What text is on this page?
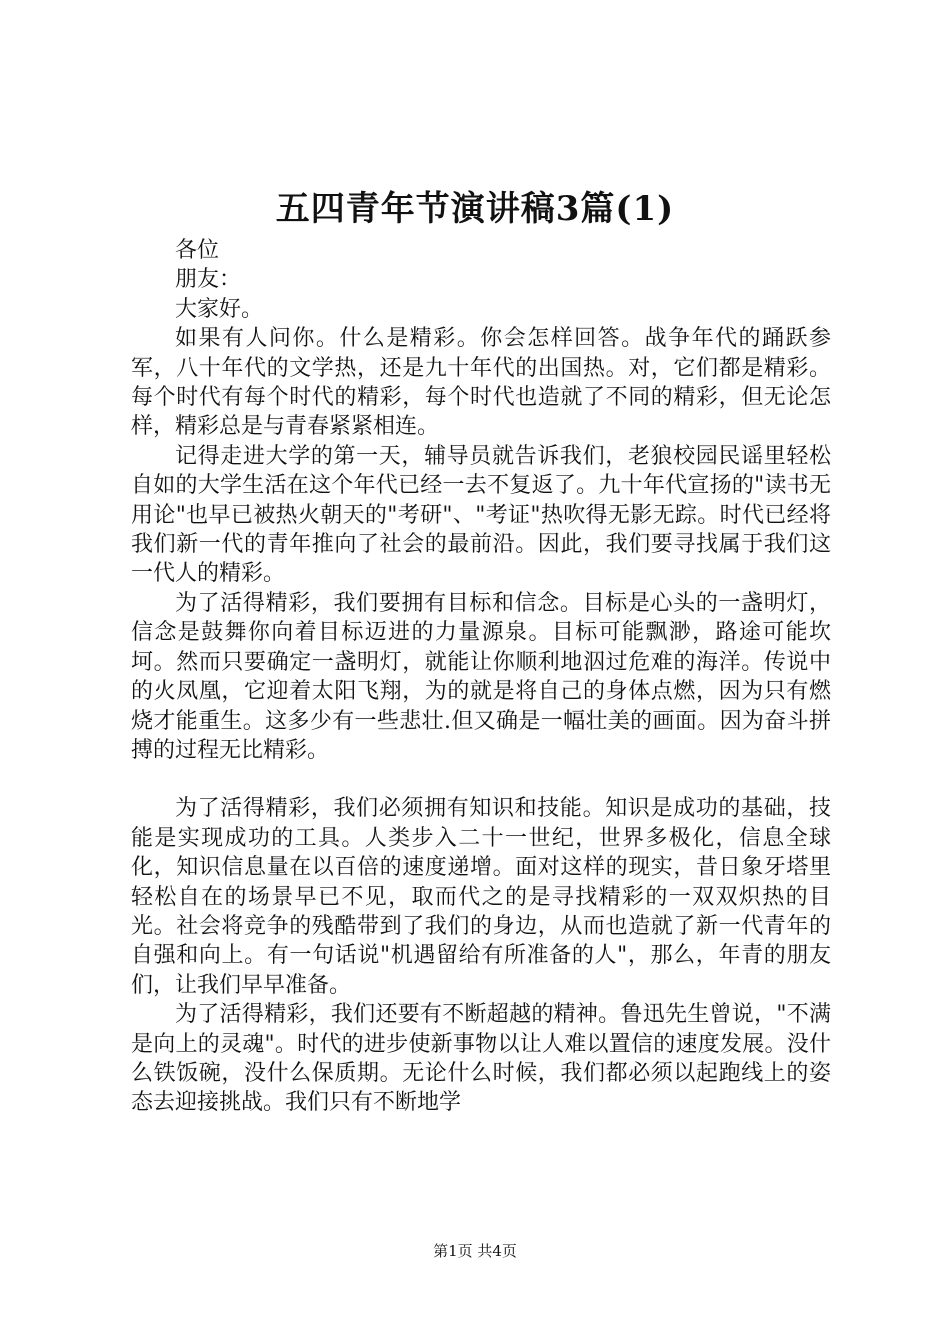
五四青年节演讲稿3篇(1)

各位

朋友：

大家好。

如果有人问你。什么是精彩。你会怎样回答。战争年代的踊跃参军，八十年代的文学热，还是九十年代的出国热。对，它们都是精彩。每个时代有每个时代的精彩，每个时代也造就了不同的精彩，但无论怎样，精彩总是与青春紧紧相连。

记得走进大学的第一天，辅导员就告诉我们，老狼校园民谣里轻松自如的大学生活在这个年代已经一去不复返了。九十年代宣扬的"读书无用论"也早已被热火朝天的"考研"、"考证"热吹得无影无踪。时代已经将我们新一代的青年推向了社会的最前沿。因此，我们要寻找属于我们这一代人的精彩。

为了活得精彩，我们要拥有目标和信念。目标是心头的一盏明灯，信念是鼓舞你向着目标迈进的力量源泉。目标可能飘渺，路途可能坎坷。然而只要确定一盏明灯，就能让你顺利地泅过危难的海洋。传说中的火凤凰，它迎着太阳飞翔，为的就是将自己的身体点燃，因为只有燃烧才能重生。这多少有一些悲壮.但又确是一幅壮美的画面。因为奋斗拼搏的过程无比精彩。

为了活得精彩，我们必须拥有知识和技能。知识是成功的基础，技能是实现成功的工具。人类步入二十一世纪，世界多极化，信息全球化，知识信息量在以百倍的速度递增。面对这样的现实，昔日象牙塔里轻松自在的场景早已不见，取而代之的是寻找精彩的一双双炽热的目光。社会将竞争的残酷带到了我们的身边，从而也造就了新一代青年的自强和向上。有一句话说"机遇留给有所准备的人"，那么，年青的朋友们，让我们早早准备。

为了活得精彩，我们还要有不断超越的精神。鲁迅先生曾说，"不满是向上的灵魂"。时代的进步使新事物以让人难以置信的速度发展。没什么铁饭碗，没什么保质期。无论什么时候，我们都必须以起跑线上的姿态去迎接挑战。我们只有不断地学

第1页 共4页
